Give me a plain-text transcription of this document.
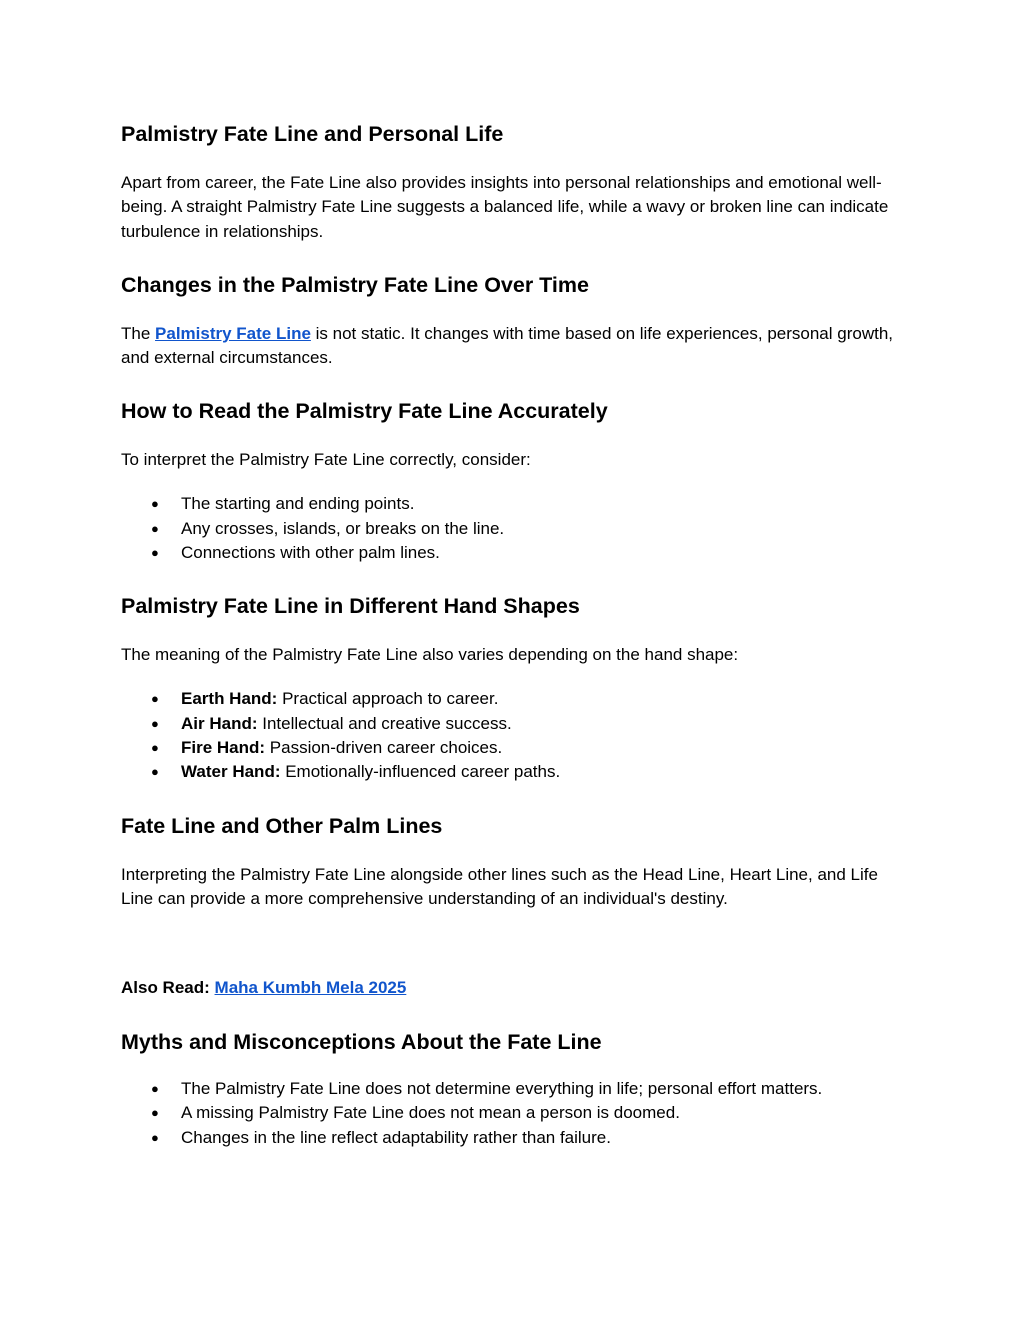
Palmistry Fate Line and Personal Life

Apart from career, the Fate Line also provides insights into personal relationships and emotional well-being. A straight Palmistry Fate Line suggests a balanced life, while a wavy or broken line can indicate turbulence in relationships.

Changes in the Palmistry Fate Line Over Time

The Palmistry Fate Line is not static. It changes with time based on life experiences, personal growth, and external circumstances.

How to Read the Palmistry Fate Line Accurately

To interpret the Palmistry Fate Line correctly, consider:

● The starting and ending points.
● Any crosses, islands, or breaks on the line.
● Connections with other palm lines.
Palmistry Fate Line in Different Hand Shapes

The meaning of the Palmistry Fate Line also varies depending on the hand shape:

● Earth Hand: Practical approach to career.
● Air Hand: Intellectual and creative success.
● Fire Hand: Passion-driven career choices.
● Water Hand: Emotionally-influenced career paths.
Fate Line and Other Palm Lines

Interpreting the Palmistry Fate Line alongside other lines such as the Head Line, Heart Line, and Life Line can provide a more comprehensive understanding of an individual's destiny.

Also Read: Maha Kumbh Mela 2025

Myths and Misconceptions About the Fate Line
● The Palmistry Fate Line does not determine everything in life; personal effort matters.
● A missing Palmistry Fate Line does not mean a person is doomed.
● Changes in the line reflect adaptability rather than failure.
